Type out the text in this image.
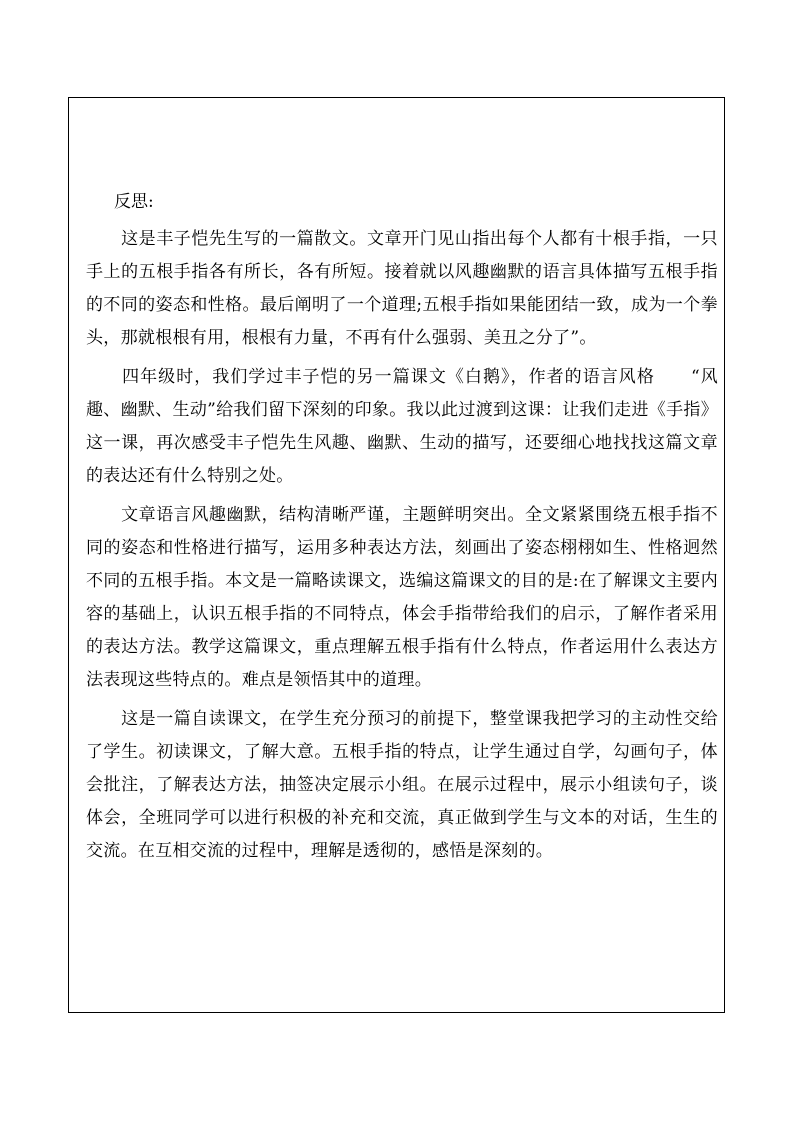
反思:

　　这是丰子恺先生写的一篇散文。文章开门见山指出每个人都有十根手指，一只手上的五根手指各有所长，各有所短。接着就以风趣幽默的语言具体描写五根手指的不同的姿态和性格。最后阐明了一个道理;五根手指如果能团结一致，成为一个拳头，那就根根有用，根根有力量，不再有什么强弱、美丑之分了”。

　　四年级时，我们学过丰子恺的另一篇课文《白鹅》，作者的语言风格　　“风趣、幽默、生动”给我们留下深刻的印象。我以此过渡到这课：让我们走进《手指》这一课，再次感受丰子恺先生风趣、幽默、生动的描写，还要细心地找找这篇文章的表达还有什么特别之处。

　　文章语言风趣幽默，结构清晰严谨，主题鲜明突出。全文紧紧围绕五根手指不同的姿态和性格进行描写，运用多种表达方法，刻画出了姿态栩栩如生、性格迥然不同的五根手指。本文是一篇略读课文，选编这篇课文的目的是:在了解课文主要内容的基础上，认识五根手指的不同特点，体会手指带给我们的启示，了解作者采用的表达方法。教学这篇课文，重点理解五根手指有什么特点，作者运用什么表达方法表现这些特点的。难点是领悟其中的道理。

　　这是一篇自读课文，在学生充分预习的前提下，整堂课我把学习的主动性交给了学生。初读课文，了解大意。五根手指的特点，让学生通过自学，勾画句子，体会批注，了解表达方法，抽签决定展示小组。在展示过程中，展示小组读句子，谈体会，全班同学可以进行积极的补充和交流，真正做到学生与文本的对话，生生的交流。在互相交流的过程中，理解是透彻的，感悟是深刻的。
